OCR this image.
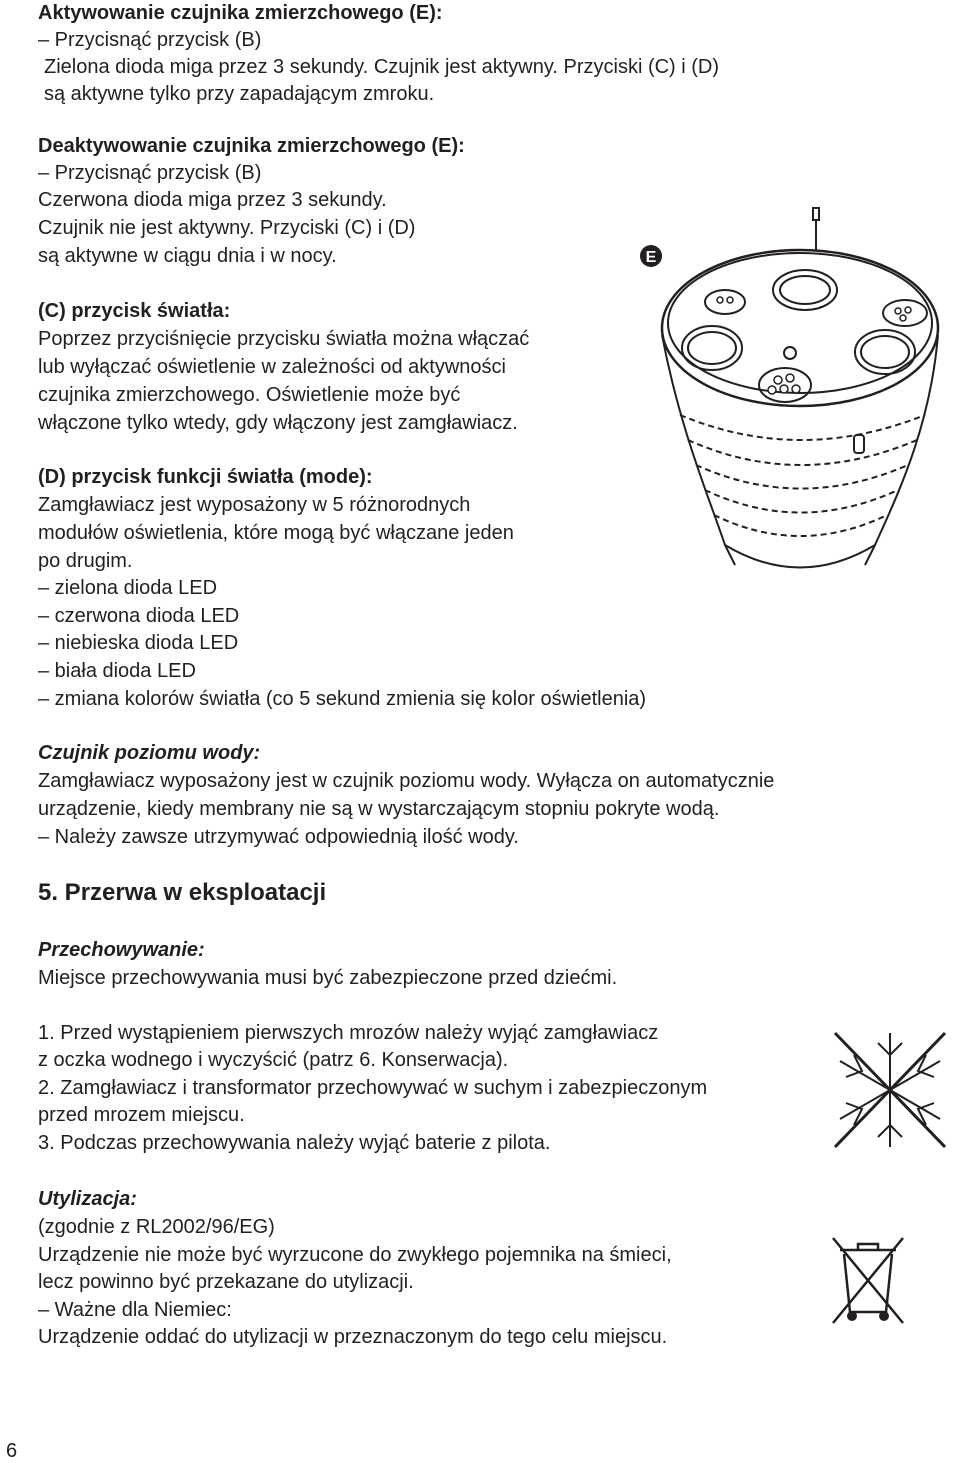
Aktywowanie czujnika zmierzchowego (E):
– Przycisnąć przycisk (B)
Zielona dioda miga przez 3 sekundy. Czujnik jest aktywny. Przyciski (C) i (D)
są aktywne tylko przy zapadającym zmroku.
Deaktywowanie czujnika zmierzchowego (E):
– Przycisnąć przycisk (B)
Czerwona dioda miga przez 3 sekundy.
Czujnik nie jest aktywny. Przyciski (C) i (D)
są aktywne w ciągu dnia i w nocy.
(C) przycisk światła:
Poprzez przyciśnięcie przycisku światła można włączać
lub wyłączać oświetlenie w zależności od aktywności
czujnika zmierzchowego. Oświetlenie może być
włączone tylko wtedy, gdy włączony jest zamgławiacz.
(D) przycisk funkcji światła (mode):
Zamgławiacz jest wyposażony w 5 różnorodnych
modułów oświetlenia, które mogą być włączane jeden
po drugim.
– zielona dioda LED
– czerwona dioda LED
– niebieska dioda LED
– biała dioda LED
– zmiana kolorów światła (co 5 sekund zmienia się kolor oświetlenia)
Czujnik poziomu wody:
Zamgławiacz wyposażony jest w czujnik poziomu wody. Wyłącza on automatycznie
urządzenie, kiedy membrany nie są w wystarczającym stopniu pokryte wodą.
– Należy zawsze utrzymywać odpowiednią ilość wody.
5. Przerwa w eksploatacji
Przechowywanie:
Miejsce przechowywania musi być zabezpieczone przed dziećmi.
1. Przed wystąpieniem pierwszych mrozów należy wyjąć zamgławiacz
z oczka wodnego i wyczyścić (patrz 6. Konserwacja).
2. Zamgławiacz i transformator przechowywać w suchym i zabezpieczonym
przed mrozem miejscu.
3. Podczas przechowywania należy wyjąć baterie z pilota.
Utylizacja:
(zgodnie z RL2002/96/EG)
Urządzenie nie może być wyrzucone do zwykłego pojemnika na śmieci,
lecz powinno być przekazane do utylizacji.
– Ważne dla Niemiec:
Urządzenie oddać do utylizacji w przeznaczonym do tego celu miejscu.
E
6
